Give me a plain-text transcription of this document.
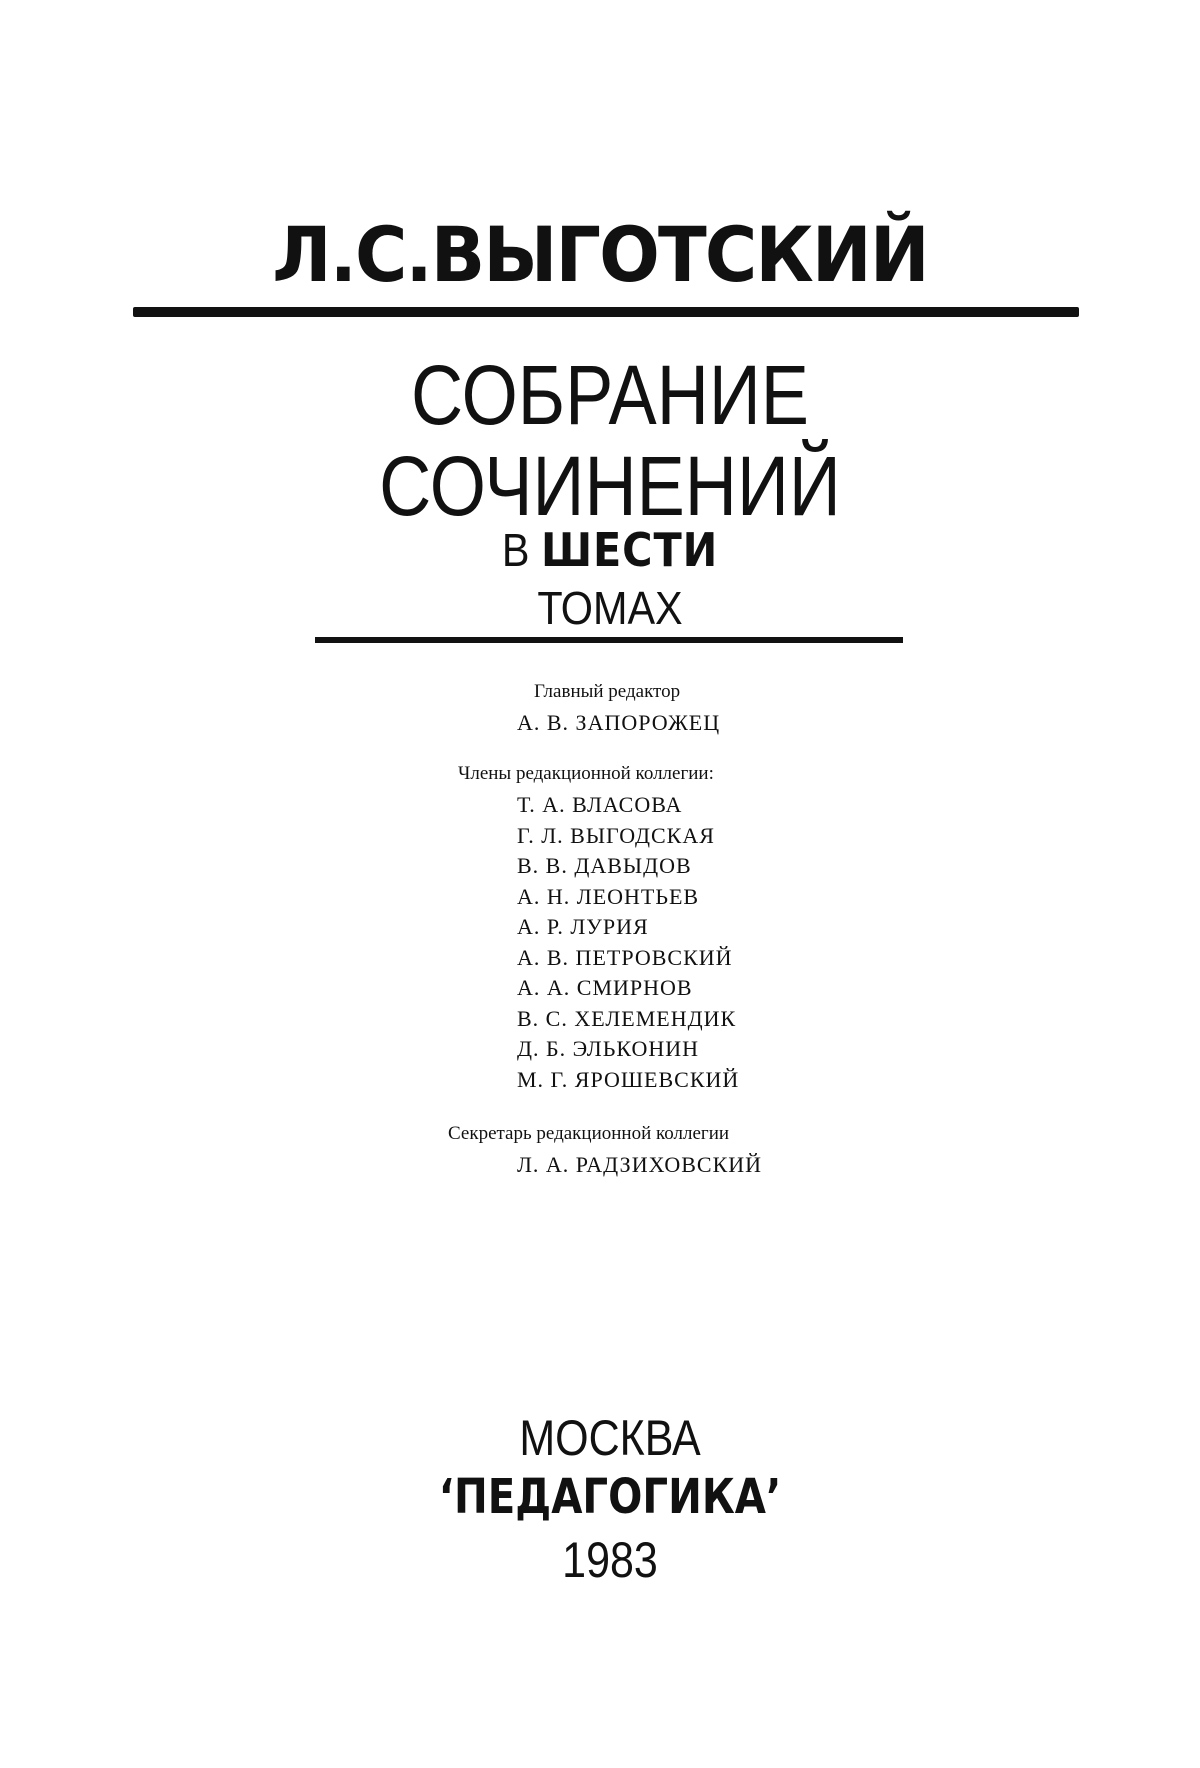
Л.С.ВЫГОТСКИЙ
СОБРАНИЕ
СОЧИНЕНИЙ
В ШЕСТИ
ТОМАХ
Главный редактор
А. В. ЗАПОРОЖЕЦ
Члены редакционной коллегии:
Т. А. ВЛАСОВА
Г. Л. ВЫГОДСКАЯ
В. В. ДАВЫДОВ
А. Н. ЛЕОНТЬЕВ
А. Р. ЛУРИЯ
А. В. ПЕТРОВСКИЙ
А. А. СМИРНОВ
В. С. ХЕЛЕМЕНДИК
Д. Б. ЭЛЬКОНИН
М. Г. ЯРОШЕВСКИЙ
Секретарь редакционной коллегии
Л. А. РАДЗИХОВСКИЙ
МОСКВА
‘ПЕДАГОГИКА’
1983
